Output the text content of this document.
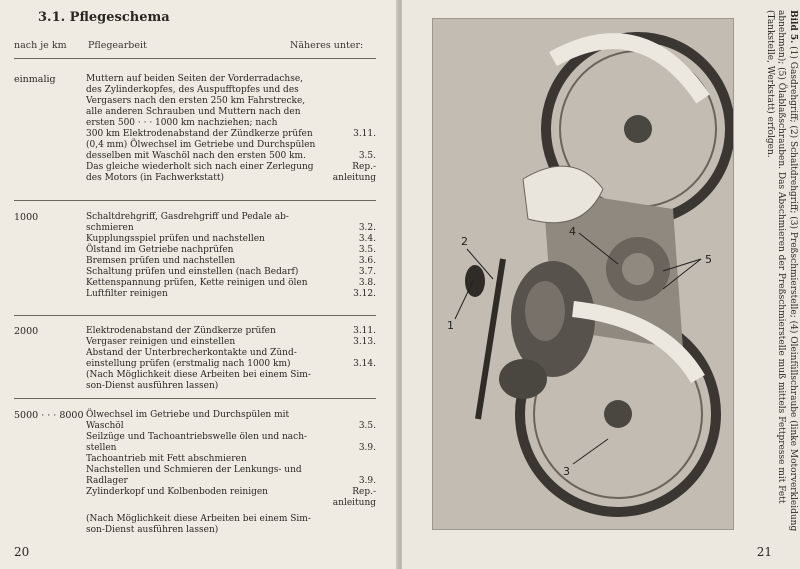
3.1. Pflegeschema
nach je km Pflegearbeit	Näheres unter:
einmalig	Muttern auf beiden Seiten der Vorderradachse,
des Zylinderkopfes, des Auspufftopfes und des
Vergasers nach den ersten 250 km Fahrstrecke,
alle anderen Schrauben und Muttern nach den
ersten 500 · · · 1000 km nachziehen; nach
300 km Elektrodenabstand der Zündkerze prüfen	3.11.
(0,4 mm) Ölwechsel im Getriebe und Durchspülen
desselben mit Waschöl nach den ersten 500 km.	3.5.
Das gleiche wiederholt sich nach einer Zerlegung	Rep.-
des Motors (in Fachwerkstatt)	anleitung
1000	Schaltdrehgriff, Gasdrehgriff und Pedale ab-
schmieren	3.2.
Kupplungsspiel prüfen und nachstellen	3.4.
Ölstand im Getriebe nachprüfen	3.5.
Bremsen prüfen und nachstellen	3.6.
Schaltung prüfen und einstellen (nach Bedarf)	3.7.
Kettenspannung prüfen, Kette reinigen und ölen	3.8.
Luftfilter reinigen	3.12.
2000	Elektrodenabstand der Zündkerze prüfen	3.11.
Vergaser reinigen und einstellen	3.13.
Abstand der Unterbrecherkontakte und Zünd-
einstellung prüfen (erstmalig nach 1000 km)	3.14.
(Nach Möglichkeit diese Arbeiten bei einem Sim-
son-Dienst ausführen lassen)
5000 · · · 8000 Ölwechsel im Getriebe und Durchspülen mit
Waschöl	3.5.
Seilzüge und Tachoantriebswelle ölen und nach-
stellen	3.9.
Tachoantrieb mit Fett abschmieren
Nachstellen und Schmieren der Lenkungs- und
Radlager	3.9.
Zylinderkopf und Kolbenboden reinigen	Rep.-
anleitung
(Nach Möglichkeit diese Arbeiten bei einem Sim-
son-Dienst ausführen lassen)
20
1
2
3
4
5
Bild 5. (1) Gasdrehgriff; (2) Schaltdrehgriff; (3) Preßschmierstelle; (4) Öleinfüllschraube (linke Motorverkleidung abnehmen); (5) Ölablaßschrauben. Das Abschmieren der Preßschmierstelle muß mittels Fettpresse mit Fett (Tankstelle, Werkstatt) erfolgen.
21
